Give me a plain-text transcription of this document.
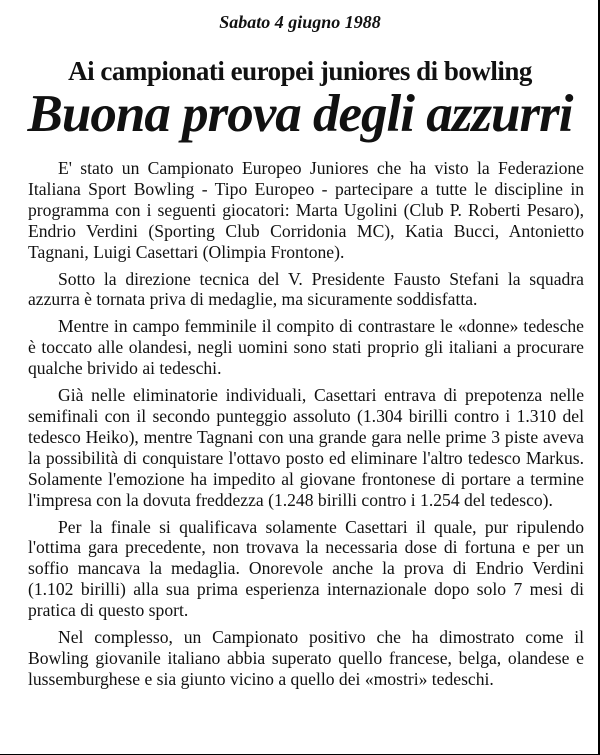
Sabato 4 giugno 1988
Ai campionati europei juniores di bowling
Buona prova degli azzurri

E' stato un Campionato Europeo Juniores che ha visto la Federazione Italiana Sport Bowling - Tipo Europeo - partecipare a tutte le discipline in programma con i seguenti giocatori: Marta Ugolini (Club P. Roberti Pesaro), Endrio Verdini (Sporting Club Corridonia MC), Katia Bucci, Antonietto Tagnani, Luigi Casettari (Olimpia Frontone).

Sotto la direzione tecnica del V. Presidente Fausto Stefani la squadra azzurra è tornata priva di medaglie, ma sicuramente soddisfatta.

Mentre in campo femminile il compito di contrastare le «donne» tedesche è toccato alle olandesi, negli uomini sono stati proprio gli italiani a procurare qualche brivido ai tedeschi.

Già nelle eliminatorie individuali, Casettari entrava di prepotenza nelle semifinali con il secondo punteggio assoluto (1.304 birilli contro i 1.310 del tedesco Heiko), mentre Tagnani con una grande gara nelle prime 3 piste aveva la possibilità di conquistare l'ottavo posto ed eliminare l'altro tedesco Markus. Solamente l'emozione ha impedito al giovane frontonese di portare a termine l'impresa con la dovuta freddezza (1.248 birilli contro i 1.254 del tedesco).

Per la finale si qualificava solamente Casettari il quale, pur ripulendo l'ottima gara precedente, non trovava la necessaria dose di fortuna e per un soffio mancava la medaglia. Onorevole anche la prova di Endrio Verdini (1.102 birilli) alla sua prima esperienza internazionale dopo solo 7 mesi di pratica di questo sport.

Nel complesso, un Campionato positivo che ha dimostrato come il Bowling giovanile italiano abbia superato quello francese, belga, olandese e lussemburghese e sia giunto vicino a quello dei «mostri» tedeschi.
